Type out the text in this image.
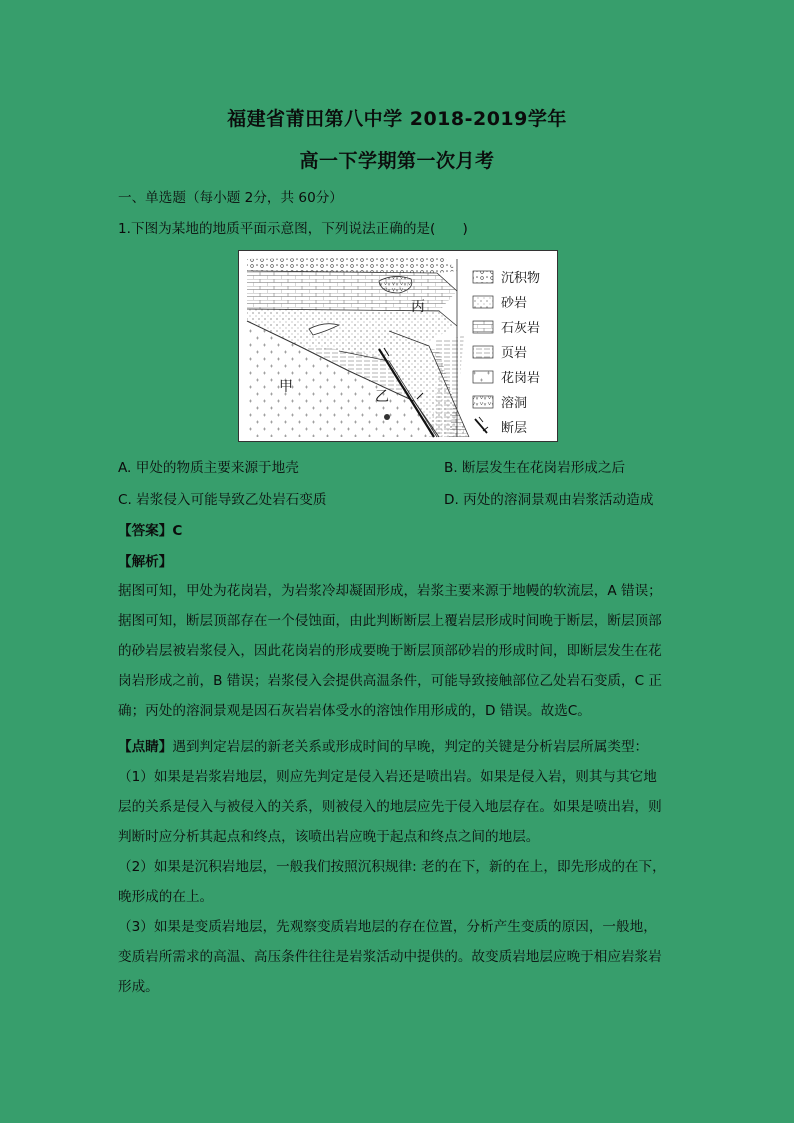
福建省莆田第八中学 2018-2019学年
高一下学期第一次月考
一、单选题（每小题 2分，共 60分）
1.下图为某地的地质平面示意图，下列说法正确的是(　　)
甲
乙
丙
沉积物
砂岩
石灰岩
页岩
花岗岩
溶洞
断层
A. 甲处的物质主要来源于地壳	B. 断层发生在花岗岩形成之后
C. 岩浆侵入可能导致乙处岩石变质	D. 丙处的溶洞景观由岩浆活动造成
【答案】C
【解析】
据图可知，甲处为花岗岩，为岩浆冷却凝固形成，岩浆主要来源于地幔的软流层，A 错误；
据图可知，断层顶部存在一个侵蚀面，由此判断断层上覆岩层形成时间晚于断层，断层顶部
的砂岩层被岩浆侵入，因此花岗岩的形成要晚于断层顶部砂岩的形成时间，即断层发生在花
岗岩形成之前，B 错误；岩浆侵入会提供高温条件，可能导致接触部位乙处岩石变质，C 正
确；丙处的溶洞景观是因石灰岩岩体受水的溶蚀作用形成的，D 错误。故选C。
【点睛】遇到判定岩层的新老关系或形成时间的早晚，判定的关键是分析岩层所属类型：
（1）如果是岩浆岩地层，则应先判定是侵入岩还是喷出岩。如果是侵入岩，则其与其它地
层的关系是侵入与被侵入的关系，则被侵入的地层应先于侵入地层存在。如果是喷出岩，则
判断时应分析其起点和终点，该喷出岩应晚于起点和终点之间的地层。
（2）如果是沉积岩地层，一般我们按照沉积规律: 老的在下，新的在上，即先形成的在下，
晚形成的在上。
（3）如果是变质岩地层，先观察变质岩地层的存在位置，分析产生变质的原因，一般地，
变质岩所需求的高温、高压条件往往是岩浆活动中提供的。故变质岩地层应晚于相应岩浆岩
形成。
